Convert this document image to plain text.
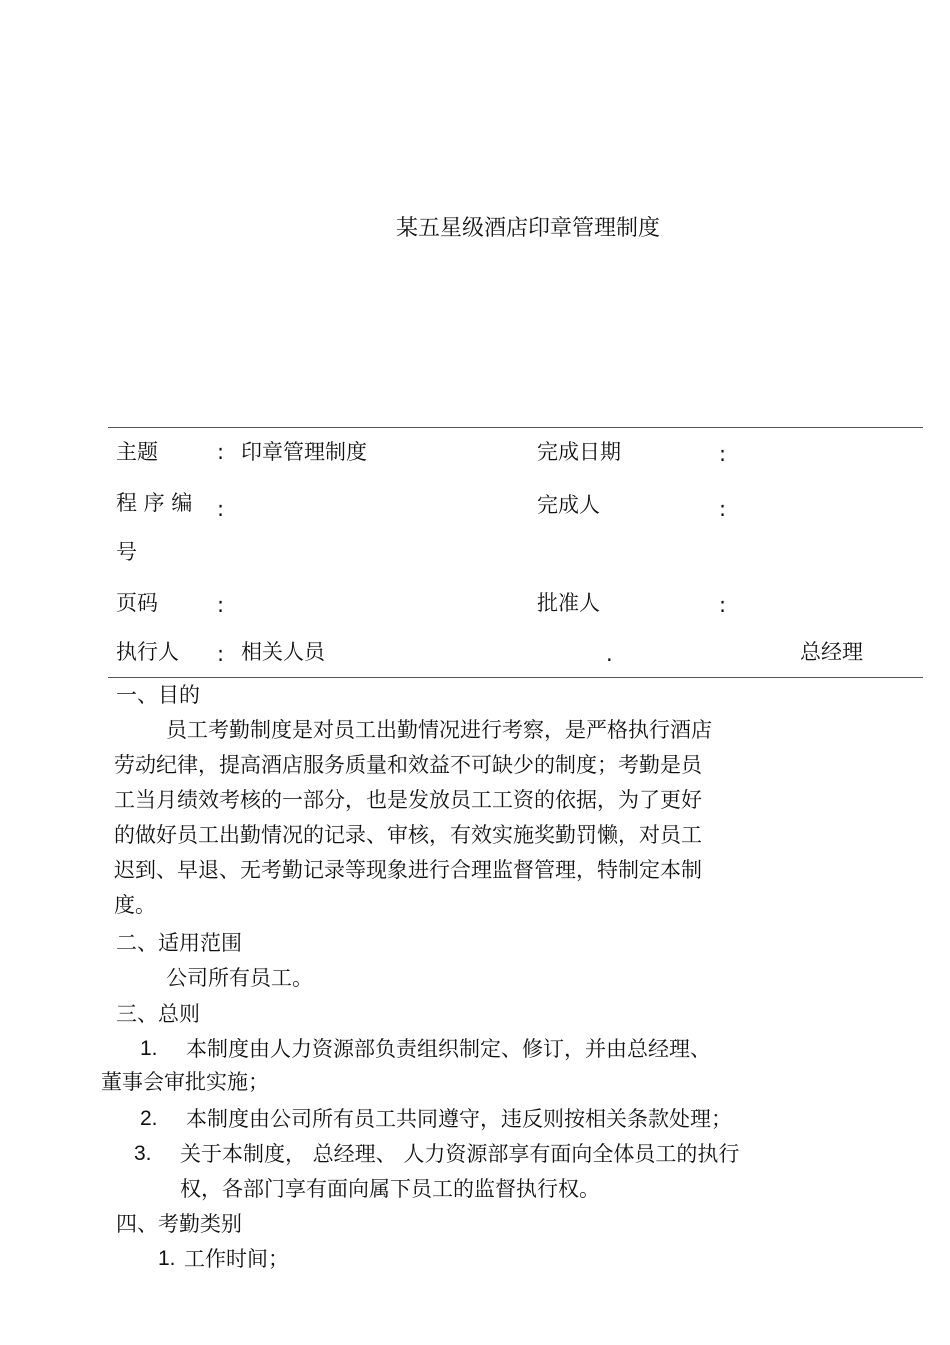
某五星级酒店印章管理制度
主题	: 印章管理制度	完成日期	:
程 序 编 :	完成人	:
号
页码	:	批准人	:
执行人 : 相关人员	.	总经理
一、目的
员工考勤制度是对员工出勤情况进行考察，是严格执行酒店
劳动纪律，提高酒店服务质量和效益不可缺少的制度；考勤是员
工当月绩效考核的一部分，也是发放员工工资的依据，为了更好
的做好员工出勤情况的记录、审核，有效实施奖勤罚懒，对员工
迟到、早退、无考勤记录等现象进行合理监督管理，特制定本制
度。
二、适用范围
公司所有员工。
三、总则
1. 本制度由人力资源部负责组织制定、修订，并由总经理、
董事会审批实施；
2. 本制度由公司所有员工共同遵守，违反则按相关条款处理；
3. 关于本制度， 总经理、 人力资源部享有面向全体员工的执行
权，各部门享有面向属下员工的监督执行权。
四、考勤类别
1. 工作时间；
